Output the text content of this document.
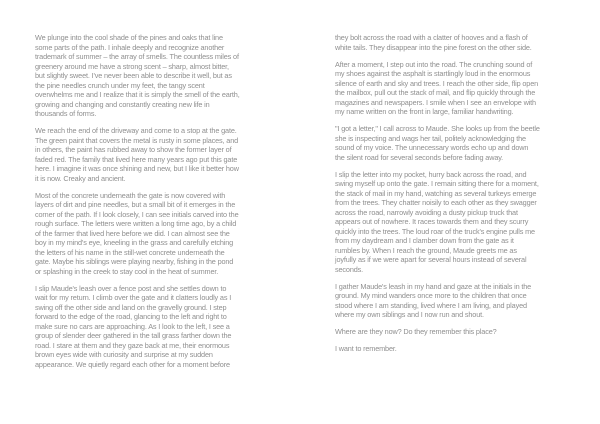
We plunge into the cool shade of the pines and oaks that line
some parts of the path. I inhale deeply and recognize another
trademark of summer – the array of smells. The countless miles of
greenery around me have a strong scent – sharp, almost bitter,
but slightly sweet. I've never been able to describe it well, but as
the pine needles crunch under my feet, the tangy scent
overwhelms me and I realize that it is simply the smell of the earth,
growing and changing and constantly creating new life in
thousands of forms.
We reach the end of the driveway and come to a stop at the gate.
The green paint that covers the metal is rusty in some places, and
in others, the paint has rubbed away to show the former layer of
faded red. The family that lived here many years ago put this gate
here. I imagine it was once shining and new, but I like it better how
it is now. Creaky and ancient.
Most of the concrete underneath the gate is now covered with
layers of dirt and pine needles, but a small bit of it emerges in the
corner of the path. If I look closely, I can see initials carved into the
rough surface. The letters were written a long time ago, by a child
of the farmer that lived here before we did. I can almost see the
boy in my mind's eye, kneeling in the grass and carefully etching
the letters of his name in the still-wet concrete underneath the
gate. Maybe his siblings were playing nearby, fishing in the pond
or splashing in the creek to stay cool in the heat of summer.
I slip Maude's leash over a fence post and she settles down to
wait for my return. I climb over the gate and it clatters loudly as I
swing off the other side and land on the gravelly ground. I step
forward to the edge of the road, glancing to the left and right to
make sure no cars are approaching. As I look to the left, I see a
group of slender deer gathered in the tall grass farther down the
road. I stare at them and they gaze back at me, their enormous
brown eyes wide with curiosity and surprise at my sudden
appearance. We quietly regard each other for a moment before
they bolt across the road with a clatter of hooves and a flash of
white tails. They disappear into the pine forest on the other side.
After a moment, I step out into the road. The crunching sound of
my shoes against the asphalt is startlingly loud in the enormous
silence of earth and sky and trees. I reach the other side, flip open
the mailbox, pull out the stack of mail, and flip quickly through the
magazines and newspapers. I smile when I see an envelope with
my name written on the front in large, familiar handwriting.
"I got a letter," I call across to Maude. She looks up from the beetle
she is inspecting and wags her tail, politely acknowledging the
sound of my voice. The unnecessary words echo up and down
the silent road for several seconds before fading away.
I slip the letter into my pocket, hurry back across the road, and
swing myself up onto the gate. I remain sitting there for a moment,
the stack of mail in my hand, watching as several turkeys emerge
from the trees. They chatter noisily to each other as they swagger
across the road, narrowly avoiding a dusty pickup truck that
appears out of nowhere. It races towards them and they scurry
quickly into the trees. The loud roar of the truck's engine pulls me
from my daydream and I clamber down from the gate as it
rumbles by. When I reach the ground, Maude greets me as
joyfully as if we were apart for several hours instead of several
seconds.
I gather Maude's leash in my hand and gaze at the initials in the
ground. My mind wanders once more to the children that once
stood where I am standing, lived where I am living, and played
where my own siblings and I now run and shout.
Where are they now? Do they remember this place?
I want to remember.
